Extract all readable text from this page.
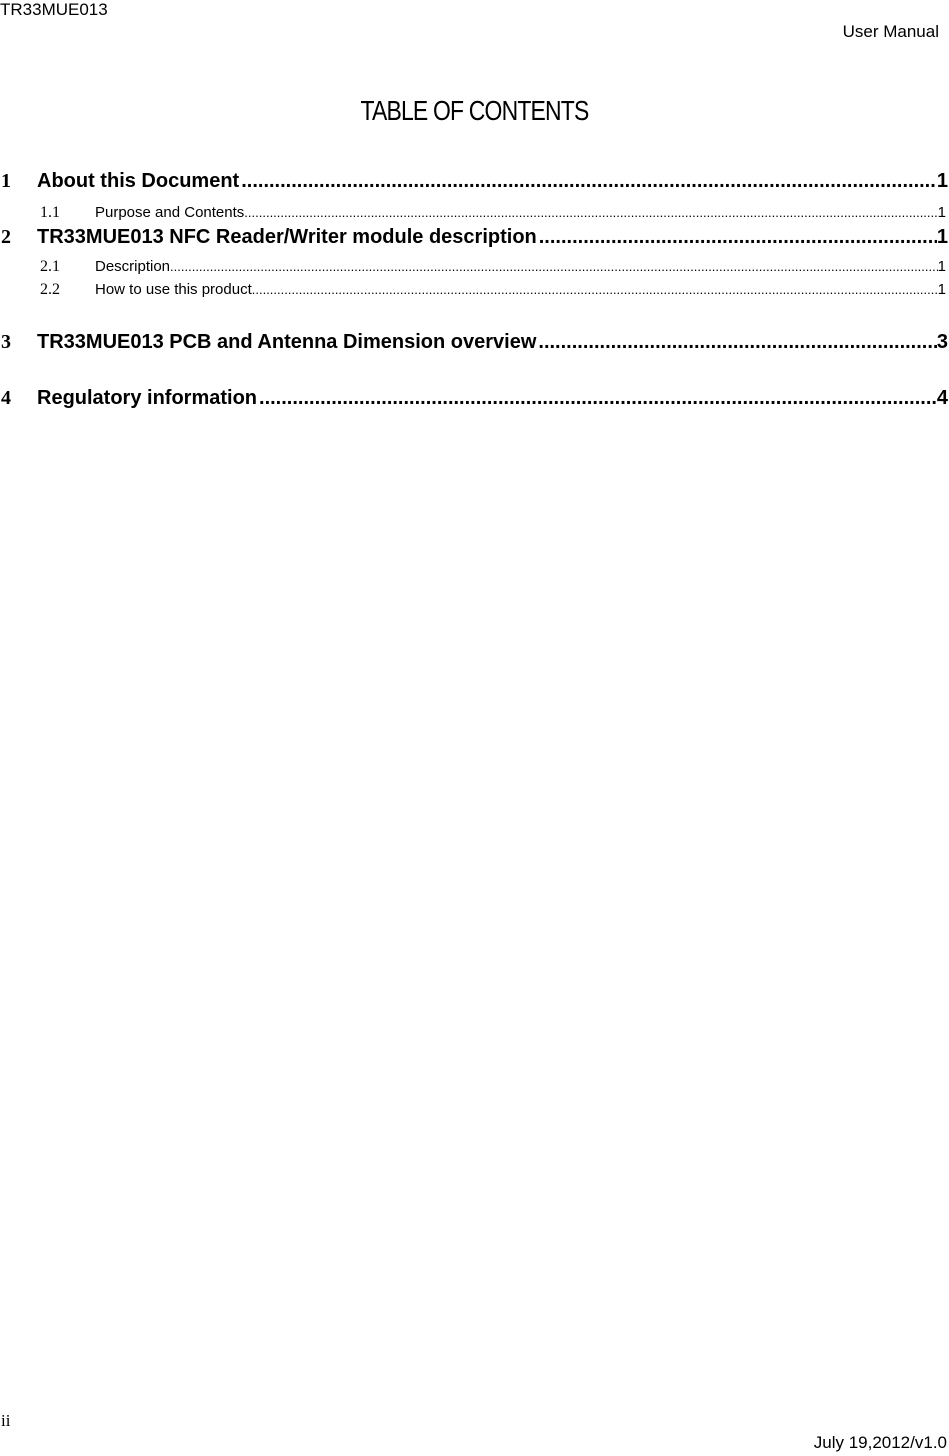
TR33MUE013
User Manual
TABLE OF CONTENTS
1	About this Document .....	1
1.1	Purpose and Contents .....	1
2	TR33MUE013 NFC Reader/Writer module description .....	1
2.1	Description .....	1
2.2	How to use this product .....	1
3	TR33MUE013 PCB and Antenna Dimension overview .....	3
4	Regulatory information .....	4
ii
July 19,2012/v1.0
